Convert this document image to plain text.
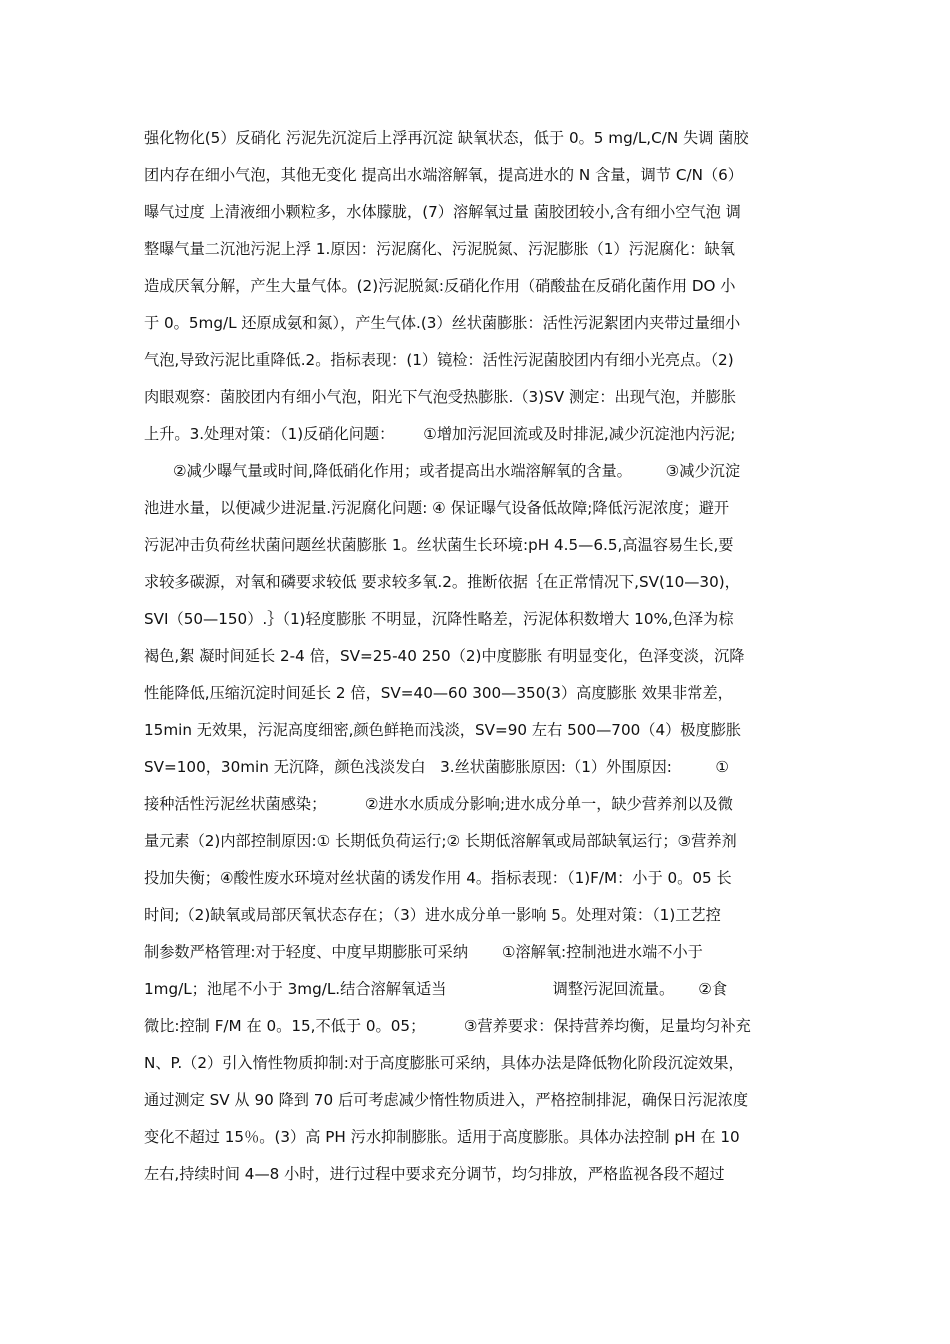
强化物化(5）反硝化 污泥先沉淀后上浮再沉淀 缺氧状态，低于 0。5 mg/L,C/N 失调 菌胶
团内存在细小气泡，其他无变化 提高出水端溶解氧，提高进水的 N 含量，调节 C/N（6）
曝气过度 上清液细小颗粒多，水体朦胧，(7）溶解氧过量 菌胶团较小,含有细小空气泡 调
整曝气量二沉池污泥上浮 1.原因：污泥腐化、污泥脱氮、污泥膨胀（1）污泥腐化：缺氧
造成厌氧分解，产生大量气体。(2)污泥脱氮:反硝化作用（硝酸盐在反硝化菌作用 DO 小
于 0。5mg/L 还原成氨和氮），产生气体.(3）丝状菌膨胀：活性污泥絮团内夹带过量细小
气泡,导致污泥比重降低.2。指标表现：(1）镜检：活性污泥菌胶团内有细小光亮点。（2)
肉眼观察：菌胶团内有细小气泡，阳光下气泡受热膨胀.（3)SV 测定：出现气泡，并膨胀
上升。3.处理对策：（1)反硝化问题：      ①增加污泥回流或及时排泥,减少沉淀池内污泥;
②减少曝气量或时间,降低硝化作用；或者提高出水端溶解氧的含量。       ③减少沉淀
池进水量，以便减少进泥量.污泥腐化问题: ④ 保证曝气设备低故障;降低污泥浓度；避开
污泥冲击负荷丝状菌问题丝状菌膨胀 1。丝状菌生长环境:pH 4.5—6.5,高温容易生长,要
求较多碳源，对氧和磷要求较低 要求较多氧.2。推断依据｛在正常情况下,SV(10—30)，
SVI（50—150）.｝（1)轻度膨胀 不明显，沉降性略差，污泥体积数增大 10%,色泽为棕
褐色,絮 凝时间延长 2-4 倍，SV=25-40 250（2)中度膨胀 有明显变化，色泽变淡，沉降
性能降低,压缩沉淀时间延长 2 倍，SV=40—60 300—350(3）高度膨胀 效果非常差，
15min 无效果，污泥高度细密,颜色鲜艳而浅淡，SV=90 左右 500—700（4）极度膨胀
SV=100，30min 无沉降，颜色浅淡发白   3.丝状菌膨胀原因:（1）外围原因:         ①
接种活性污泥丝状菌感染；        ②进水水质成分影响;进水成分单一，缺少营养剂以及微
量元素（2)内部控制原因:① 长期低负荷运行;② 长期低溶解氧或局部缺氧运行；③营养剂
投加失衡；④酸性废水环境对丝状菌的诱发作用 4。指标表现：（1)F/M：小于 0。05 长
时间;（2)缺氧或局部厌氧状态存在；（3）进水成分单一影响 5。处理对策：（1)工艺控
制参数严格管理:对于轻度、中度早期膨胀可采纳       ①溶解氧:控制池进水端不小于
1mg/L；池尾不小于 3mg/L.结合溶解氧适当                      调整污泥回流量。     ②食
微比:控制 F/M 在 0。15,不低于 0。05；        ③营养要求：保持营养均衡，足量均匀补充
N、P.（2）引入惰性物质抑制:对于高度膨胀可采纳，具体办法是降低物化阶段沉淀效果，
通过测定 SV 从 90 降到 70 后可考虑减少惰性物质进入，严格控制排泥，确保日污泥浓度
变化不超过 15％。(3）高 PH 污水抑制膨胀。适用于高度膨胀。具体办法控制 pH 在 10
左右,持续时间 4—8 小时，进行过程中要求充分调节，均匀排放，严格监视各段不超过
